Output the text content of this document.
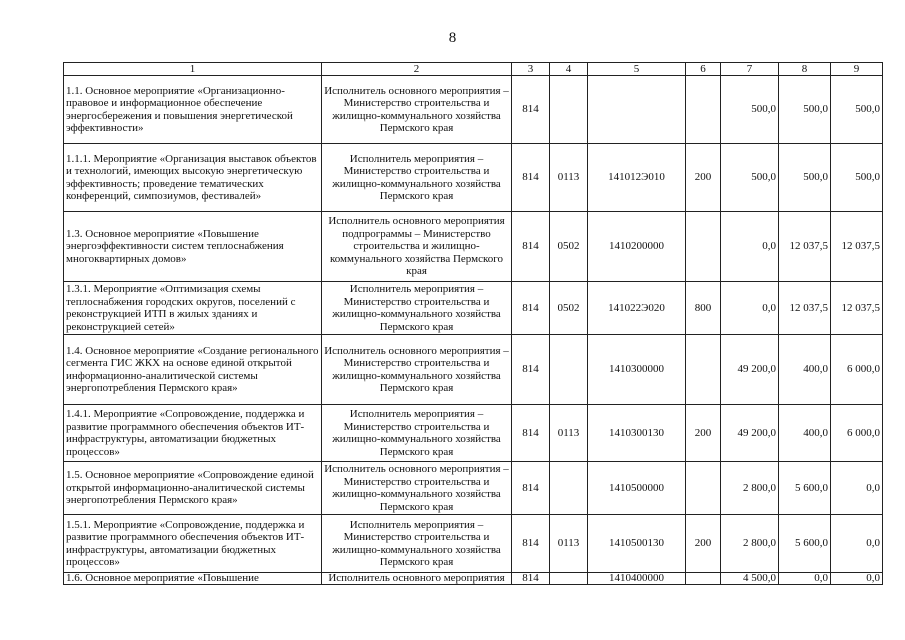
8
1	2	3	4	5	6	7	8	9
1.1. Основное мероприятие «Организационно-правовое и информационное обеспечение энергосбережения и повышения энергетической эффективности»	Исполнитель основного мероприятия – Министерство строительства и жилищно-коммунального хозяйства Пермского края	814				500,0	500,0	500,0
1.1.1. Мероприятие «Организация выставок объектов и технологий, имеющих высокую энергетическую эффективность; проведение тематических конференций, симпозиумов, фестивалей»	Исполнитель мероприятия – Министерство строительства и жилищно-коммунального хозяйства Пермского края	814	0113	141012Э010	200	500,0	500,0	500,0
1.3. Основное мероприятие «Повышение энергоэффективности систем теплоснабжения многоквартирных домов»	Исполнитель основного мероприятия подпрограммы – Министерство строительства и жилищно-коммунального хозяйства Пермского края	814	0502	1410200000		0,0	12 037,5	12 037,5
1.3.1. Мероприятие «Оптимизация схемы теплоснабжения городских округов, поселений с реконструкцией ИТП в жилых зданиях и реконструкцией сетей»	Исполнитель мероприятия – Министерство строительства и жилищно-коммунального хозяйства Пермского края	814	0502	141022Э020	800	0,0	12 037,5	12 037,5
1.4. Основное мероприятие «Создание регионального сегмента ГИС ЖКХ на основе единой открытой информационно-аналитической системы энергопотребления Пермского края»	Исполнитель основного мероприятия – Министерство строительства и жилищно-коммунального хозяйства Пермского края	814		1410300000		49 200,0	400,0	6 000,0
1.4.1. Мероприятие «Сопровождение, поддержка и развитие программного обеспечения объектов ИТ-инфраструктуры, автоматизации бюджетных процессов»	Исполнитель мероприятия – Министерство строительства и жилищно-коммунального хозяйства Пермского края	814	0113	1410300130	200	49 200,0	400,0	6 000,0
1.5. Основное мероприятие «Сопровождение единой открытой информационно-аналитической системы энергопотребления Пермского края»	Исполнитель основного мероприятия – Министерство строительства и жилищно-коммунального хозяйства Пермского края	814		1410500000		2 800,0	5 600,0	0,0
1.5.1. Мероприятие «Сопровождение, поддержка и развитие программного обеспечения объектов ИТ-инфраструктуры, автоматизации бюджетных процессов»	Исполнитель мероприятия – Министерство строительства и жилищно-коммунального хозяйства Пермского края	814	0113	1410500130	200	2 800,0	5 600,0	0,0
1.6. Основное мероприятие «Повышение	Исполнитель основного мероприятия	814		1410400000		4 500,0	0,0	0,0
